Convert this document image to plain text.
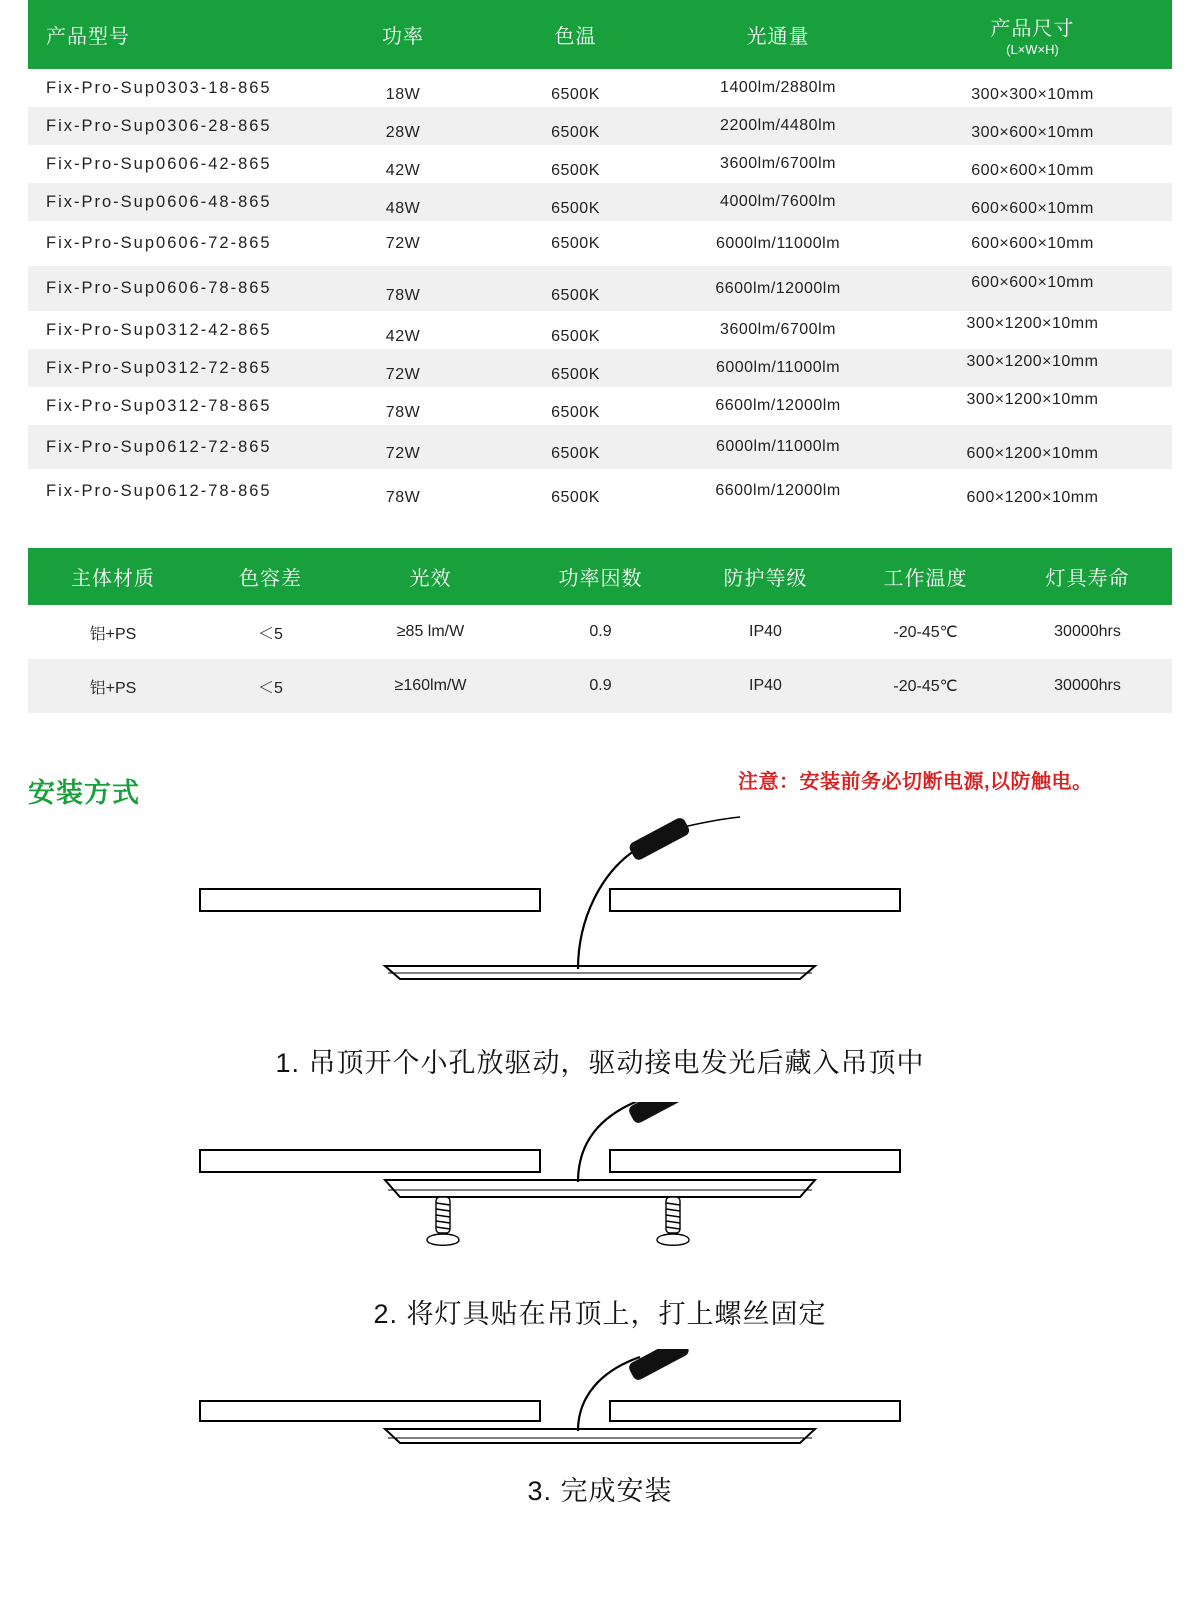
产品型号	功率	色温	光通量	产品尺寸
(L×W×H)

Fix-Pro-Sup0303-18-865	18W	6500K	1400lm/2880lm	300×300×10mm
Fix-Pro-Sup0306-28-865	28W	6500K	2200lm/4480lm	300×600×10mm
Fix-Pro-Sup0606-42-865	42W	6500K	3600lm/6700lm	600×600×10mm
Fix-Pro-Sup0606-48-865	48W	6500K	4000lm/7600lm	600×600×10mm
Fix-Pro-Sup0606-72-865	72W	6500K	6000lm/11000lm	600×600×10mm
Fix-Pro-Sup0606-78-865	78W	6500K	6600lm/12000lm	600×600×10mm
Fix-Pro-Sup0312-42-865	42W	6500K	3600lm/6700lm	300×1200×10mm
Fix-Pro-Sup0312-72-865	72W	6500K	6000lm/11000lm	300×1200×10mm
Fix-Pro-Sup0312-78-865	78W	6500K	6600lm/12000lm	300×1200×10mm
Fix-Pro-Sup0612-72-865	72W	6500K	6000lm/11000lm	600×1200×10mm
Fix-Pro-Sup0612-78-865	78W	6500K	6600lm/12000lm	600×1200×10mm
主体材质	色容差	光效	功率因数	防护等级	工作温度	灯具寿命
铝+PS	＜5	≥85 lm/W	0.9	IP40	-20-45℃	30000hrs
铝+PS	＜5	≥160lm/W	0.9	IP40	-20-45℃	30000hrs
安装方式	注意：安装前务必切断电源,以防触电。
1. 吊顶开个小孔放驱动，驱动接电发光后藏入吊顶中
2. 将灯具贴在吊顶上，打上螺丝固定
3. 完成安装
